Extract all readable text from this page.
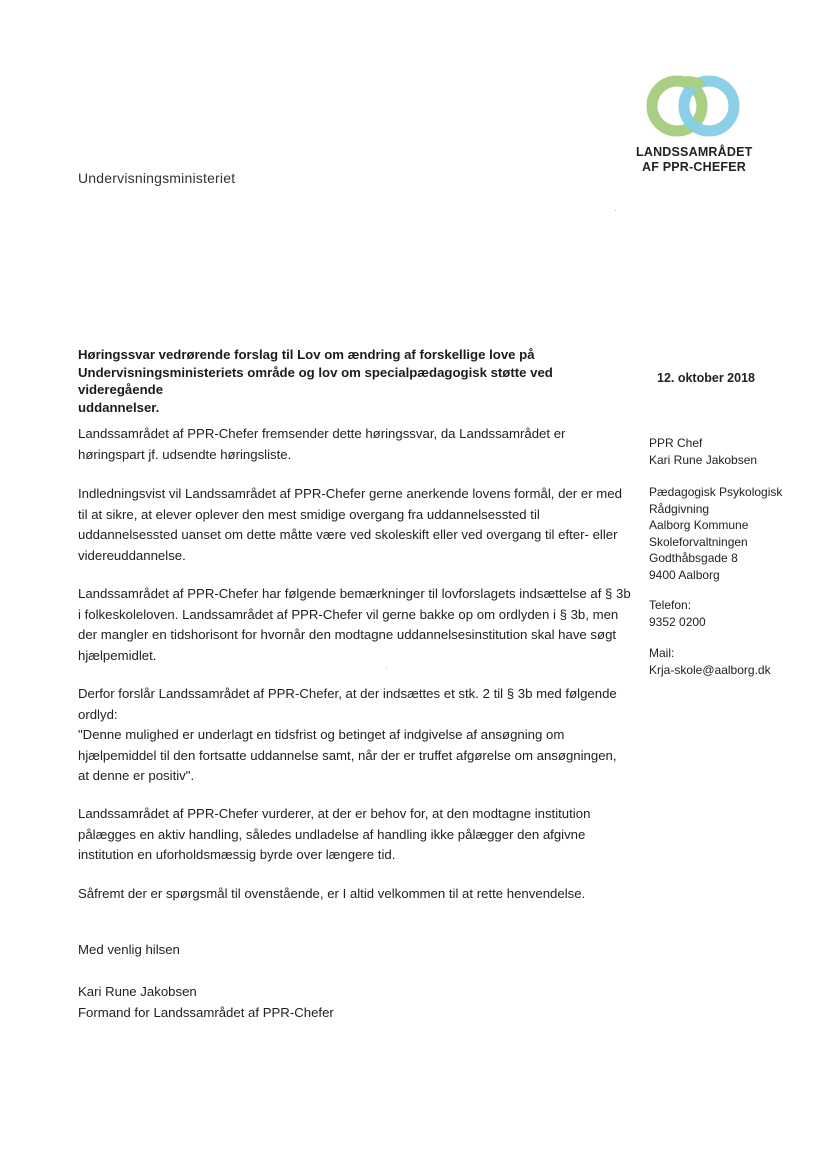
LANDSSAMRÅDET
AF PPR-CHEFER
Undervisningsministeriet
Høringssvar vedrørende forslag til Lov om ændring af forskellige love på
Undervisningsministeriets område og lov om specialpædagogisk støtte ved videregående
uddannelser.
12. oktober 2018
Landssamrådet af PPR-Chefer fremsender dette høringssvar, da Landssamrådet er
høringspart jf. udsendte høringsliste.
Indledningsvist vil Landssamrådet af PPR-Chefer gerne anerkende lovens formål, der er med
til at sikre, at elever oplever den mest smidige overgang fra uddannelsessted til
uddannelsessted uanset om dette måtte være ved skoleskift eller ved overgang til efter- eller
videreuddannelse.
Landssamrådet af PPR-Chefer har følgende bemærkninger til lovforslagets indsættelse af § 3b
i folkeskoleloven. Landssamrådet af PPR-Chefer vil gerne bakke op om ordlyden i § 3b, men
der mangler en tidshorisont for hvornår den modtagne uddannelsesinstitution skal have søgt
hjælpemidlet.
Derfor forslår Landssamrådet af PPR-Chefer, at der indsættes et stk. 2 til § 3b med følgende
ordlyd:
"Denne mulighed er underlagt en tidsfrist og betinget af indgivelse af ansøgning om
hjælpemiddel til den fortsatte uddannelse samt, når der er truffet afgørelse om ansøgningen,
at denne er positiv".
Landssamrådet af PPR-Chefer vurderer, at der er behov for, at den modtagne institution
pålægges en aktiv handling, således undladelse af handling ikke pålægger den afgivne
institution en uforholdsmæssig byrde over længere tid.
Såfremt der er spørgsmål til ovenstående, er I altid velkommen til at rette henvendelse.
Med venlig hilsen
Kari Rune Jakobsen
Formand for Landssamrådet af PPR-Chefer
PPR Chef
Kari Rune Jakobsen
Pædagogisk Psykologisk
Rådgivning
Aalborg Kommune
Skoleforvaltningen
Godthåbsgade 8
9400 Aalborg
Telefon:
9352 0200
Mail:
Krja-skole@aalborg.dk
